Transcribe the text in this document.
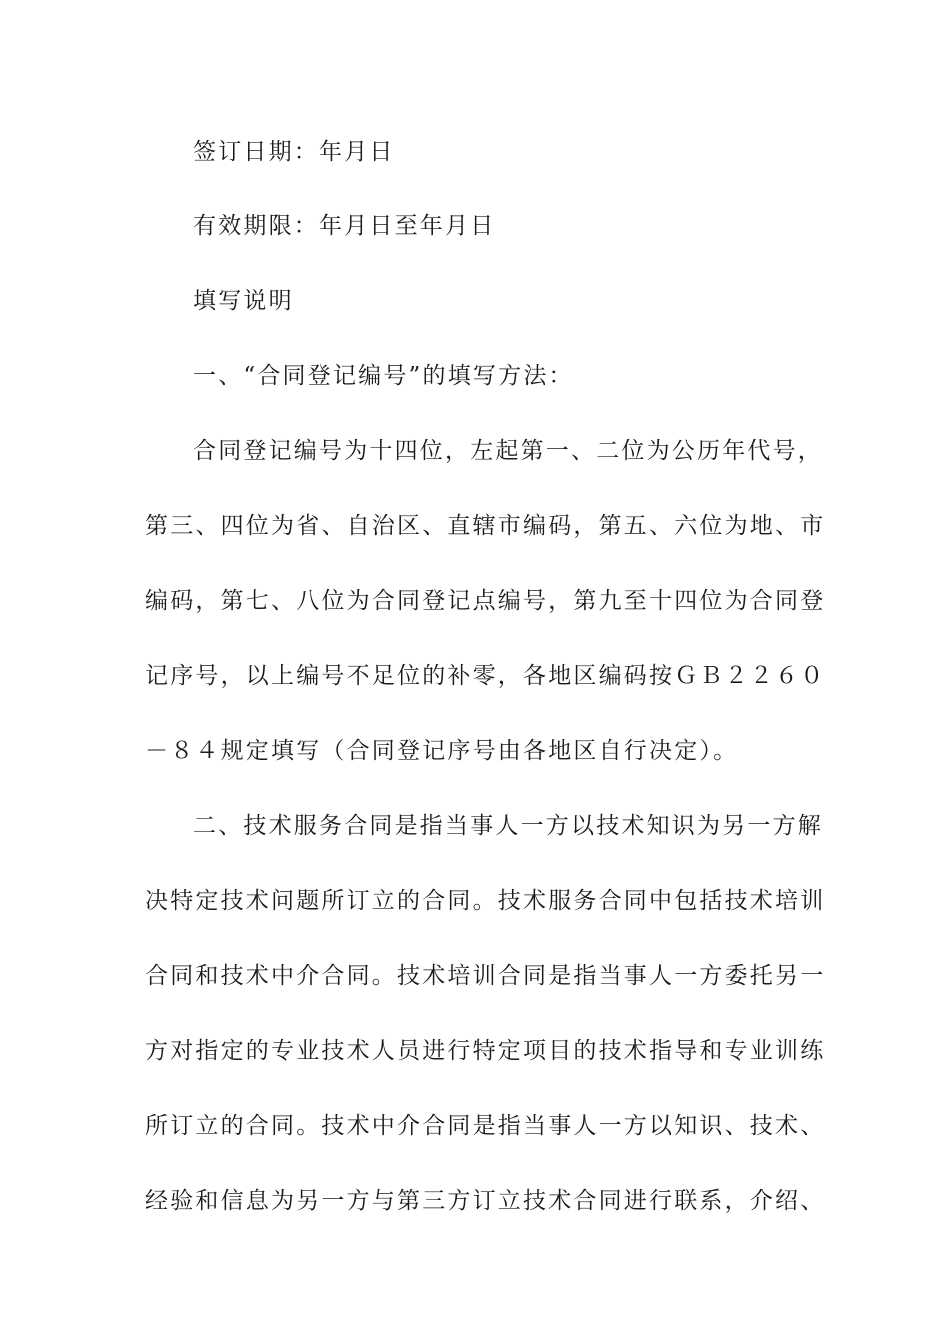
签订日期：年月日
有效期限：年月日至年月日
填写说明
一、“合同登记编号”的填写方法：
合同登记编号为十四位，左起第一、二位为公历年代号，
第三、四位为省、自治区、直辖市编码，第五、六位为地、市
编码，第七、八位为合同登记点编号，第九至十四位为合同登
记序号，以上编号不足位的补零，各地区编码按ＧＢ２２６０
－８４规定填写（合同登记序号由各地区自行决定）。
二、技术服务合同是指当事人一方以技术知识为另一方解
决特定技术问题所订立的合同。技术服务合同中包括技术培训
合同和技术中介合同。技术培训合同是指当事人一方委托另一
方对指定的专业技术人员进行特定项目的技术指导和专业训练
所订立的合同。技术中介合同是指当事人一方以知识、技术、
经验和信息为另一方与第三方订立技术合同进行联系，介绍、
